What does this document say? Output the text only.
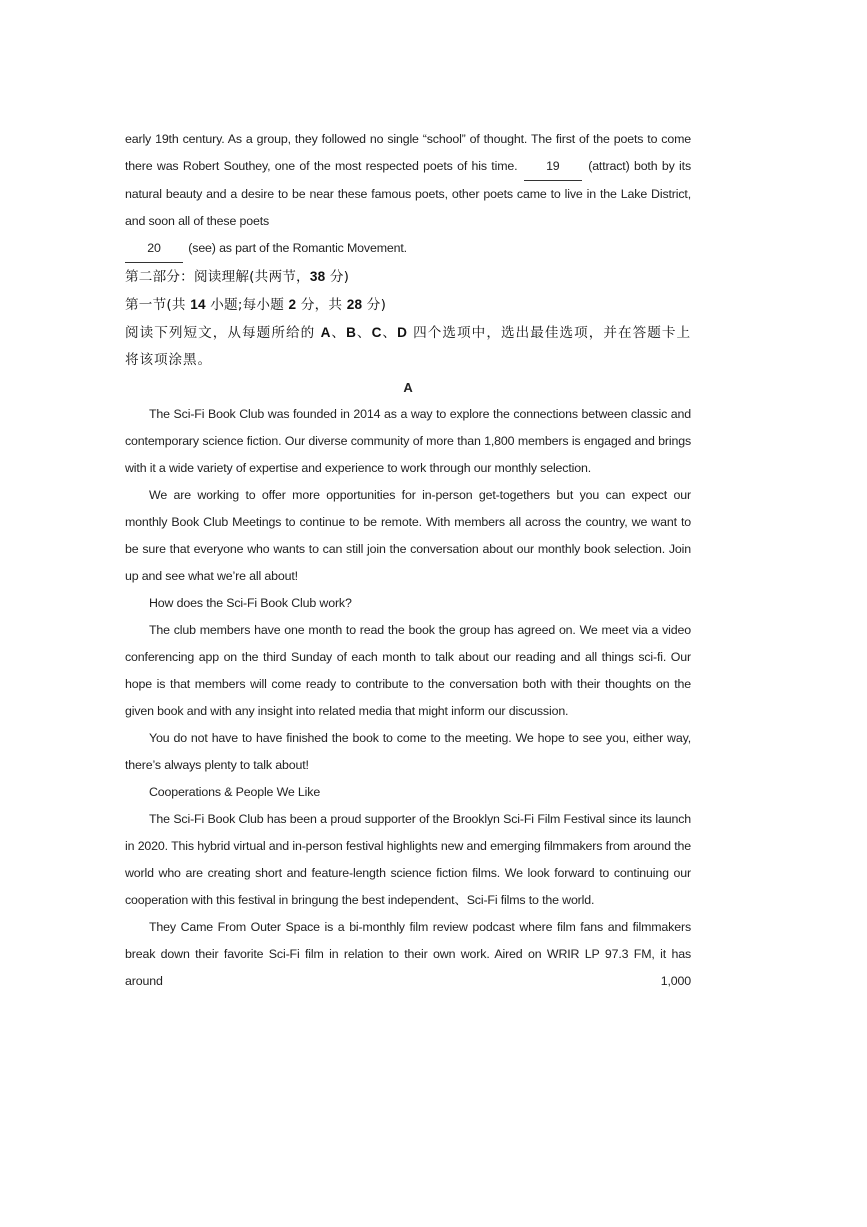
early 19th century. As a group, they followed no single “school” of thought. The first of the poets to come there was Robert Southey, one of the most respected poets of his time. 19 (attract) both by its natural beauty and a desire to be near these famous poets, other poets came to live in the Lake District, and soon all of these poets

20 (see) as part of the Romantic Movement.

第二部分：阅读理解(共两节，38 分)

第一节(共 14 小题;每小题 2 分，共 28 分)

阅读下列短文，从每题所给的 A、B、C、D 四个选项中，选出最佳选项，并在答题卡上将该项涂黑。

A

The Sci-Fi Book Club was founded in 2014 as a way to explore the connections between classic and contemporary science fiction. Our diverse community of more than 1,800 members is engaged and brings with it a wide variety of expertise and experience to work through our monthly selection.

We are working to offer more opportunities for in-person get-togethers but you can expect our monthly Book Club Meetings to continue to be remote. With members all across the country, we want to be sure that everyone who wants to can still join the conversation about our monthly book selection. Join up and see what we’re all about!

How does the Sci-Fi Book Club work?

The club members have one month to read the book the group has agreed on. We meet via a video conferencing app on the third Sunday of each month to talk about our reading and all things sci-fi. Our hope is that members will come ready to contribute to the conversation both with their thoughts on the given book and with any insight into related media that might inform our discussion.

You do not have to have finished the book to come to the meeting. We hope to see you, either way, there’s always plenty to talk about!

Cooperations & People We Like

The Sci-Fi Book Club has been a proud supporter of the Brooklyn Sci-Fi Film Festival since its launch in 2020. This hybrid virtual and in-person festival highlights new and emerging filmmakers from around the world who are creating short and feature-length science fiction films. We look forward to continuing our cooperation with this festival in bringung the best independent、Sci-Fi films to the world.

They Came From Outer Space is a bi-monthly film review podcast where film fans and filmmakers break down their favorite Sci-Fi film in relation to their own work. Aired on WRIR LP 97.3 FM, it has around 1,000
